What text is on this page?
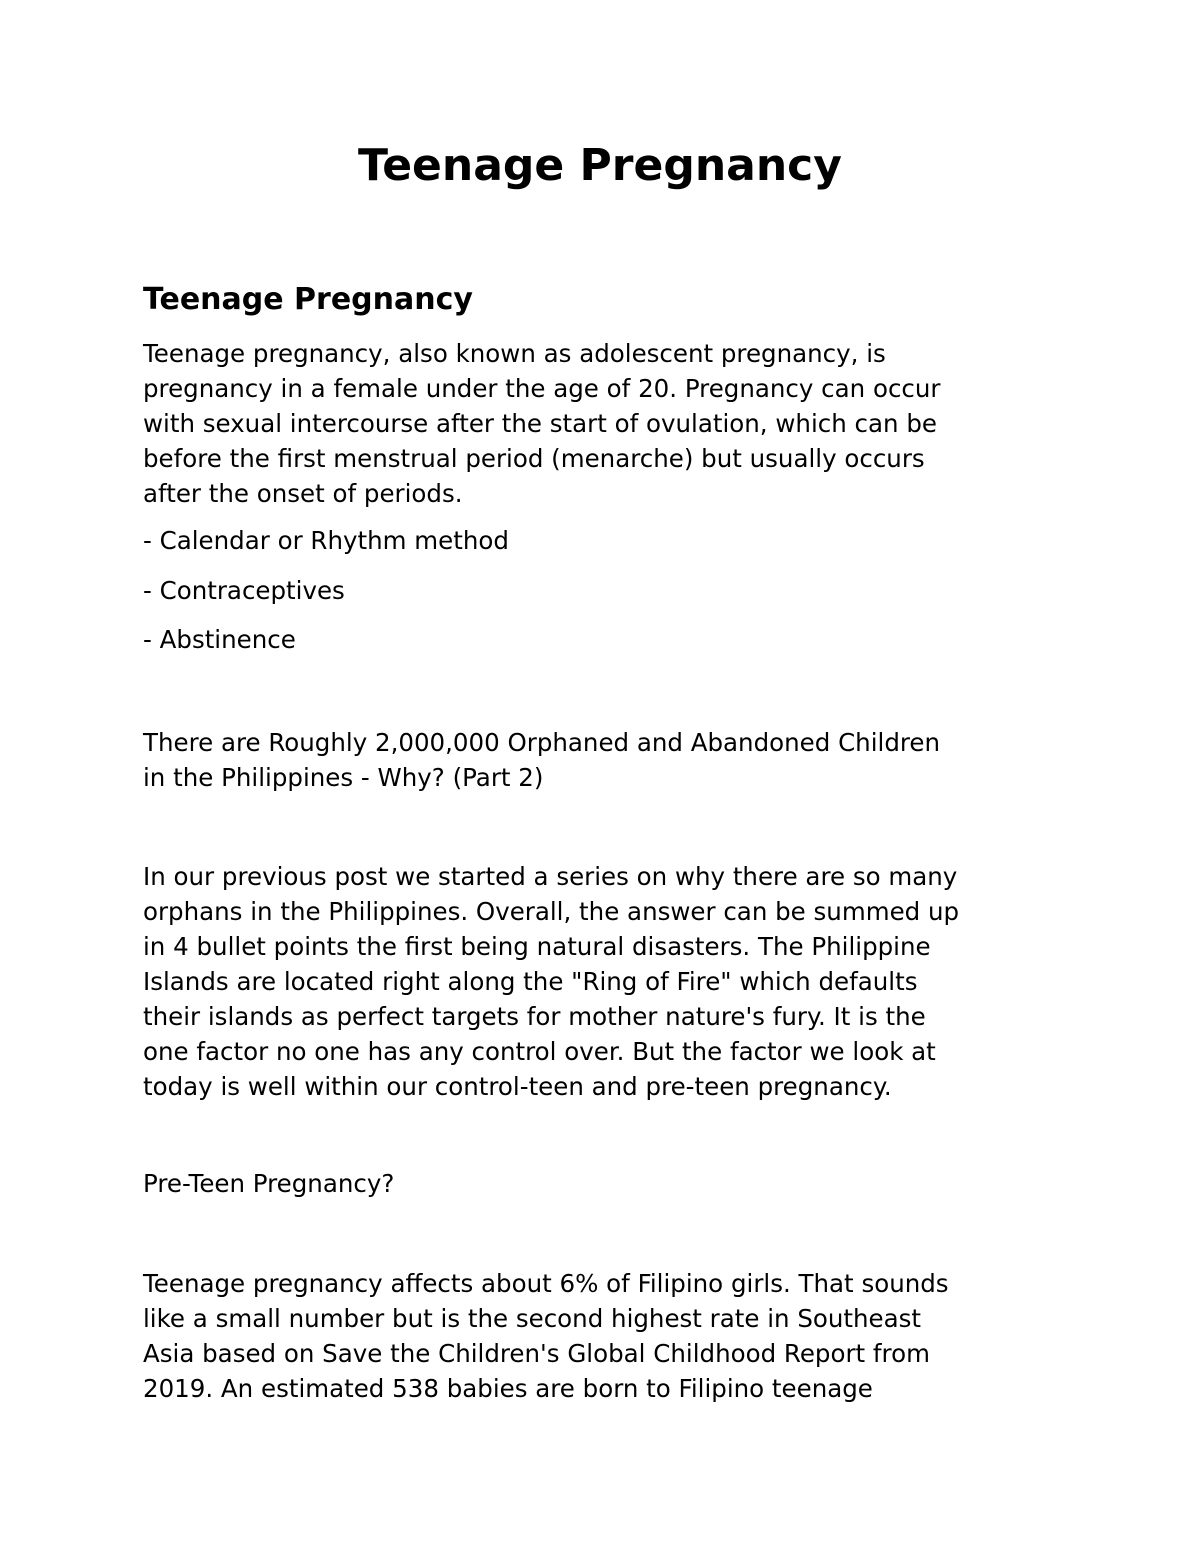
Teenage Pregnancy
Teenage Pregnancy

Teenage pregnancy, also known as adolescent pregnancy, is
pregnancy in a female under the age of 20. Pregnancy can occur
with sexual intercourse after the start of ovulation, which can be
before the first menstrual period (menarche) but usually occurs
after the onset of periods.

- Calendar or Rhythm method

- Contraceptives

- Abstinence

There are Roughly 2,000,000 Orphaned and Abandoned Children
in the Philippines - Why? (Part 2)

In our previous post we started a series on why there are so many
orphans in the Philippines. Overall, the answer can be summed up
in 4 bullet points the first being natural disasters. The Philippine
Islands are located right along the "Ring of Fire" which defaults
their islands as perfect targets for mother nature's fury. It is the
one factor no one has any control over. But the factor we look at
today is well within our control-teen and pre-teen pregnancy.

Pre-Teen Pregnancy?

Teenage pregnancy affects about 6% of Filipino girls. That sounds
like a small number but is the second highest rate in Southeast
Asia based on Save the Children's Global Childhood Report from
2019. An estimated 538 babies are born to Filipino teenage
